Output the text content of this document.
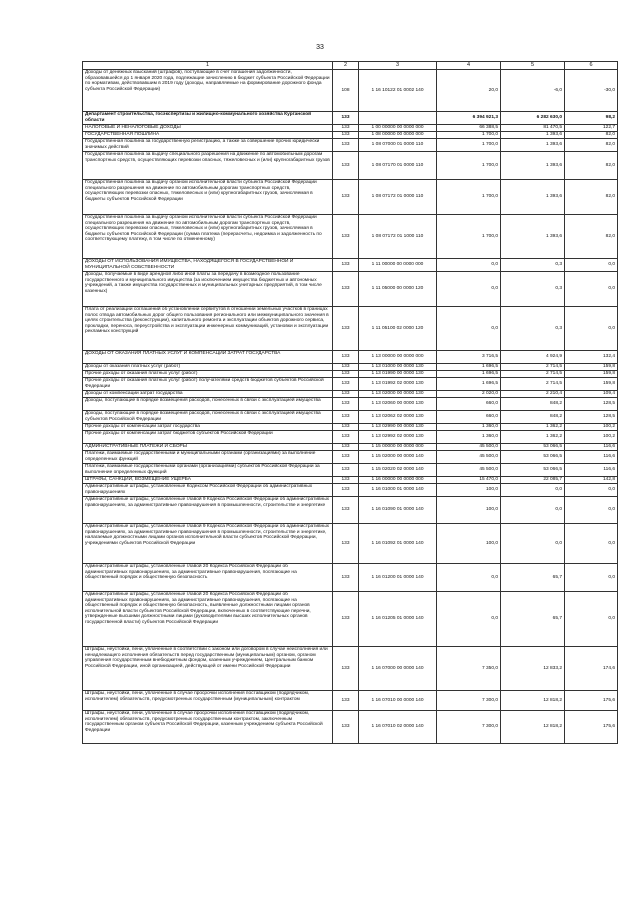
33
1	2	3	4	5	6
Доходы от денежных взысканий (штрафов), поступающие в счет погашения задолженности, образовавшейся до 1 января 2020 года, подлежащие зачислению в бюджет субъекта Российской Федерации по нормативам, действовавшим в 2019 году (доходы, направляемые на формирование дорожного фонда субъекта Российской Федерации)	108	1 16 10122 01 0002 140	20,0	-6,0	-30,0
Департамент строительства, госэкспертизы и жилищно-коммунального хозяйства Курганской области	133		6 394 921,3	6 282 630,0	98,2
НАЛОГОВЫЕ И НЕНАЛОГОВЫЕ ДОХОДЫ	133	1 00 00000 00 0000 000	66 388,5	81 470,5	122,7
ГОСУДАРСТВЕННАЯ ПОШЛИНА	133	1 08 00000 00 0000 000	1 700,0	1 393,6	82,0
Государственная пошлина за государственную регистрацию, а также за совершение прочих юридически значимых действий	133	1 08 07000 01 0000 110	1 700,0	1 393,6	82,0
Государственная пошлина за выдачу специального разрешения на движение по автомобильным дорогам транспортных средств, осуществляющих перевозки опасных, тяжеловесных и (или) крупногабаритных грузов	133	1 08 07170 01 0000 110	1 700,0	1 393,6	82,0
Государственная пошлина за выдачу органом исполнительной власти субъекта Российской Федерации специального разрешения на движение по автомобильным дорогам транспортных средств, осуществляющих перевозки опасных, тяжеловесных и (или) крупногабаритных грузов, зачисляемая в бюджеты субъектов Российской Федерации	133	1 08 07172 01 0000 110	1 700,0	1 393,6	82,0
Государственная пошлина за выдачу органом исполнительной власти субъекта Российской Федерации специального разрешения на движение по автомобильным дорогам транспортных средств, осуществляющих перевозки опасных, тяжеловесных и (или) крупногабаритных грузов, зачисляемая в бюджеты субъектов Российской Федерации (сумма платежа (перерасчеты, недоимка и задолженность по соответствующему платежу, в том числе по отмененному)	133	1 08 07172 01 1000 110	1 700,0	1 393,6	82,0
ДОХОДЫ ОТ ИСПОЛЬЗОВАНИЯ ИМУЩЕСТВА, НАХОДЯЩЕГОСЯ В ГОСУДАРСТВЕННОЙ И МУНИЦИПАЛЬНОЙ СОБСТВЕННОСТИ	133	1 11 00000 00 0000 000	0,0	0,3	0,0
Доходы, получаемые в виде арендной либо иной платы за передачу в возмездное пользование государственного и муниципального имущества (за исключением имущества бюджетных и автономных учреждений, а также имущества государственных и муниципальных унитарных предприятий, в том числе казенных)	133	1 11 05000 00 0000 120	0,0	0,3	0,0
Плата от реализации соглашений об установлении сервитутов в отношении земельных участков в границах полос отвода автомобильных дорог общего пользования регионального или межмуниципального значения в целях строительства (реконструкции), капитального ремонта и эксплуатации объектов дорожного сервиса, прокладки, переноса, переустройства и эксплуатации инженерных коммуникаций, установки и эксплуатации рекламных конструкций	133	1 11 05100 02 0000 120	0,0	0,3	0,0
ДОХОДЫ ОТ ОКАЗАНИЯ ПЛАТНЫХ УСЛУГ И КОМПЕНСАЦИИ ЗАТРАТ ГОСУДАРСТВА	133	1 13 00000 00 0000 000	3 716,5	4 924,9	132,4
Доходы от оказания платных услуг (работ)	133	1 13 01000 00 0000 130	1 696,5	2 714,5	159,8
Прочие доходы от оказания платных услуг (работ)	133	1 13 01990 00 0000 130	1 696,5	2 714,5	159,8
Прочие доходы от оказания платных услуг (работ) получателями средств бюджетов субъектов Российской Федерации	133	1 13 01992 02 0000 130	1 696,5	2 714,5	159,8
Доходы от компенсации затрат государства	133	1 13 02000 00 0000 130	2 020,0	2 210,4	109,4
Доходы, поступающие в порядке возмещения расходов, понесенных в связи с эксплуатацией имущества	133	1 13 02060 00 0000 130	660,0	848,2	128,5
Доходы, поступающие в порядке возмещения расходов, понесенных в связи с эксплуатацией имущества субъектов Российской Федерации	133	1 13 02062 02 0000 130	660,0	848,2	128,5
Прочие доходы от компенсации затрат государства	133	1 13 02990 00 0000 130	1 360,0	1 362,2	100,2
Прочие доходы от компенсации затрат бюджетов субъектов Российской Федерации	133	1 13 02992 02 0000 130	1 360,0	1 362,2	100,2
АДМИНИСТРАТИВНЫЕ ПЛАТЕЖИ И СБОРЫ	133	1 15 00000 00 0000 000	45 500,0	53 066,5	116,6
Платежи, взимаемые государственными и муниципальными органами (организациями) за выполнение определенных функций	133	1 15 02000 00 0000 140	45 500,0	53 066,5	116,6
Платежи, взимаемые государственными органами (организациями) субъектов Российской Федерации за выполнение определенных функций	133	1 15 02020 02 0000 140	45 500,0	53 066,5	116,6
ШТРАФЫ, САНКЦИИ, ВОЗМЕЩЕНИЕ УЩЕРБА	133	1 16 00000 00 0000 000	15 470,0	22 085,7	142,8
Административные штрафы, установленные Кодексом Российской Федерации об административных правонарушениях	133	1 16 01000 01 0000 140	100,0	0,0	0,0
Административные штрафы, установленные главой 9 Кодекса Российской Федерации об административных правонарушениях, за административные правонарушения в промышленности, строительстве и энергетике	133	1 16 01090 01 0000 140	100,0	0,0	0,0
Административные штрафы, установленные главой 9 Кодекса Российской Федерации об административных правонарушениях, за административные правонарушения в промышленности, строительстве и энергетике, налагаемые должностными лицами органов исполнительной власти субъектов Российской Федерации, учреждениями субъектов Российской Федерации	133	1 16 01092 01 0000 140	100,0	0,0	0,0
Административные штрафы, установленные главой 20 Кодекса Российской Федерации об административных правонарушениях, за административные правонарушения, посягающие на общественный порядок и общественную безопасность	133	1 16 01200 01 0000 140	0,0	65,7	0,0
Административные штрафы, установленные главой 20 Кодекса Российской Федерации об административных правонарушениях, за административные правонарушения, посягающие на общественный порядок и общественную безопасность, выявленные должностными лицами органов исполнительной власти субъектов Российской Федерации, включенных в соответствующие перечни, утвержденные высшими должностными лицами (руководителями высших исполнительных органов государственной власти) субъектов Российской Федерации	133	1 16 01205 01 0000 140	0,0	65,7	0,0
Штрафы, неустойки, пени, уплаченные в соответствии с законом или договором в случае неисполнения или ненадлежащего исполнения обязательств перед государственным (муниципальным) органом, органом управления государственным внебюджетным фондом, казенным учреждением, Центральным банком Российской Федерации, иной организацией, действующей от имени Российской Федерации	133	1 16 07000 00 0000 140	7 350,0	12 833,2	174,6
Штрафы, неустойки, пени, уплаченные в случае просрочки исполнения поставщиком (подрядчиком, исполнителем) обязательств, предусмотренных государственным (муниципальным) контрактом	133	1 16 07010 00 0000 140	7 300,0	12 818,2	175,6
Штрафы, неустойки, пени, уплаченные в случае просрочки исполнения поставщиком (подрядчиком, исполнителем) обязательств, предусмотренных государственным контрактом, заключенным государственным органом субъекта Российской Федерации, казенным учреждением субъекта Российской Федерации	133	1 16 07010 02 0000 140	7 300,0	12 818,2	175,6
